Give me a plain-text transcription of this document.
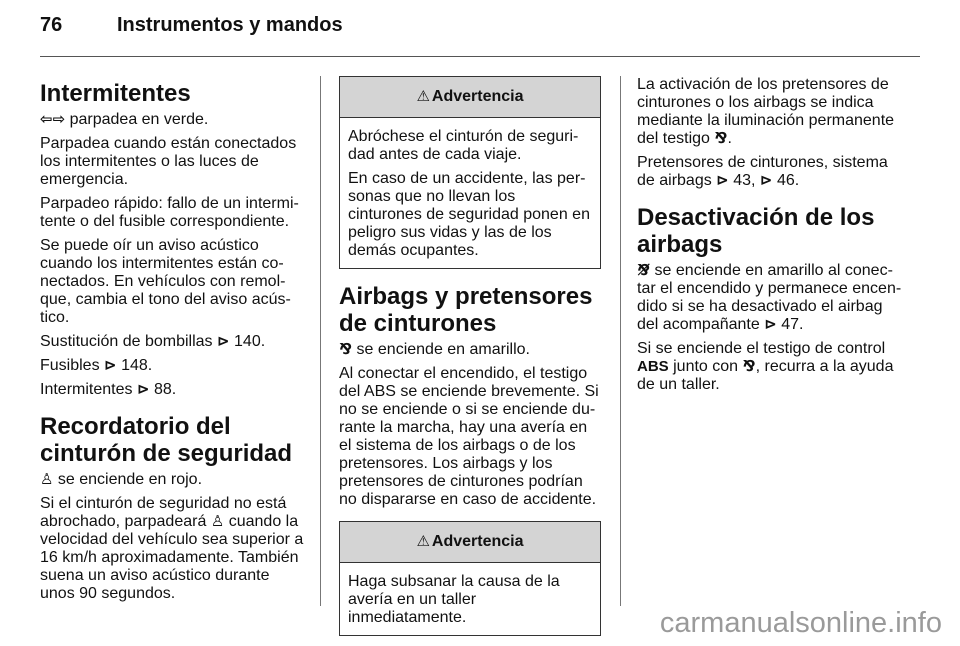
76	Instrumentos y mandos
Intermitentes

⇦⇨ parpadea en verde.

Parpadea cuando están conectados los intermitentes o las luces de emergencia.

Parpadeo rápido: fallo de un intermitente o del fusible correspondiente.

Se puede oír un aviso acústico cuando los intermitentes están conectados. En vehículos con remolque, cambia el tono del aviso acústico.

Sustitución de bombillas ⊳ 140.

Fusibles ⊳ 148.

Intermitentes ⊳ 88.

Recordatorio del cinturón de seguridad

♙ se enciende en rojo.

Si el cinturón de seguridad no está abrochado, parpadeará ♙ cuando la velocidad del vehículo sea superior a 16 km/h aproximadamente. También suena un aviso acústico durante unos 90 segundos.

⚠ Advertencia

Abróchese el cinturón de seguridad antes de cada viaje.

En caso de un accidente, las personas que no llevan los cinturones de seguridad ponen en peligro sus vidas y las de los demás ocupantes.

Airbags y pretensores de cinturones

⅋ se enciende en amarillo.

Al conectar el encendido, el testigo del ABS se enciende brevemente. Si no se enciende o si se enciende durante la marcha, hay una avería en el sistema de los airbags o de los pretensores. Los airbags y los pretensores de cinturones podrían no dispararse en caso de accidente.

⚠ Advertencia

Haga subsanar la causa de la avería en un taller inmediatamente.

La activación de los pretensores de cinturones o los airbags se indica mediante la iluminación permanente del testigo ⅋.

Pretensores de cinturones, sistema de airbags ⊳ 43, ⊳ 46.

Desactivación de los airbags

⅋̸ se enciende en amarillo al conectar el encendido y permanece encendido si se ha desactivado el airbag del acompañante ⊳ 47.

Si se enciende el testigo de control ABS junto con ⅋, recurra a la ayuda de un taller.

carmanualsonline.info
